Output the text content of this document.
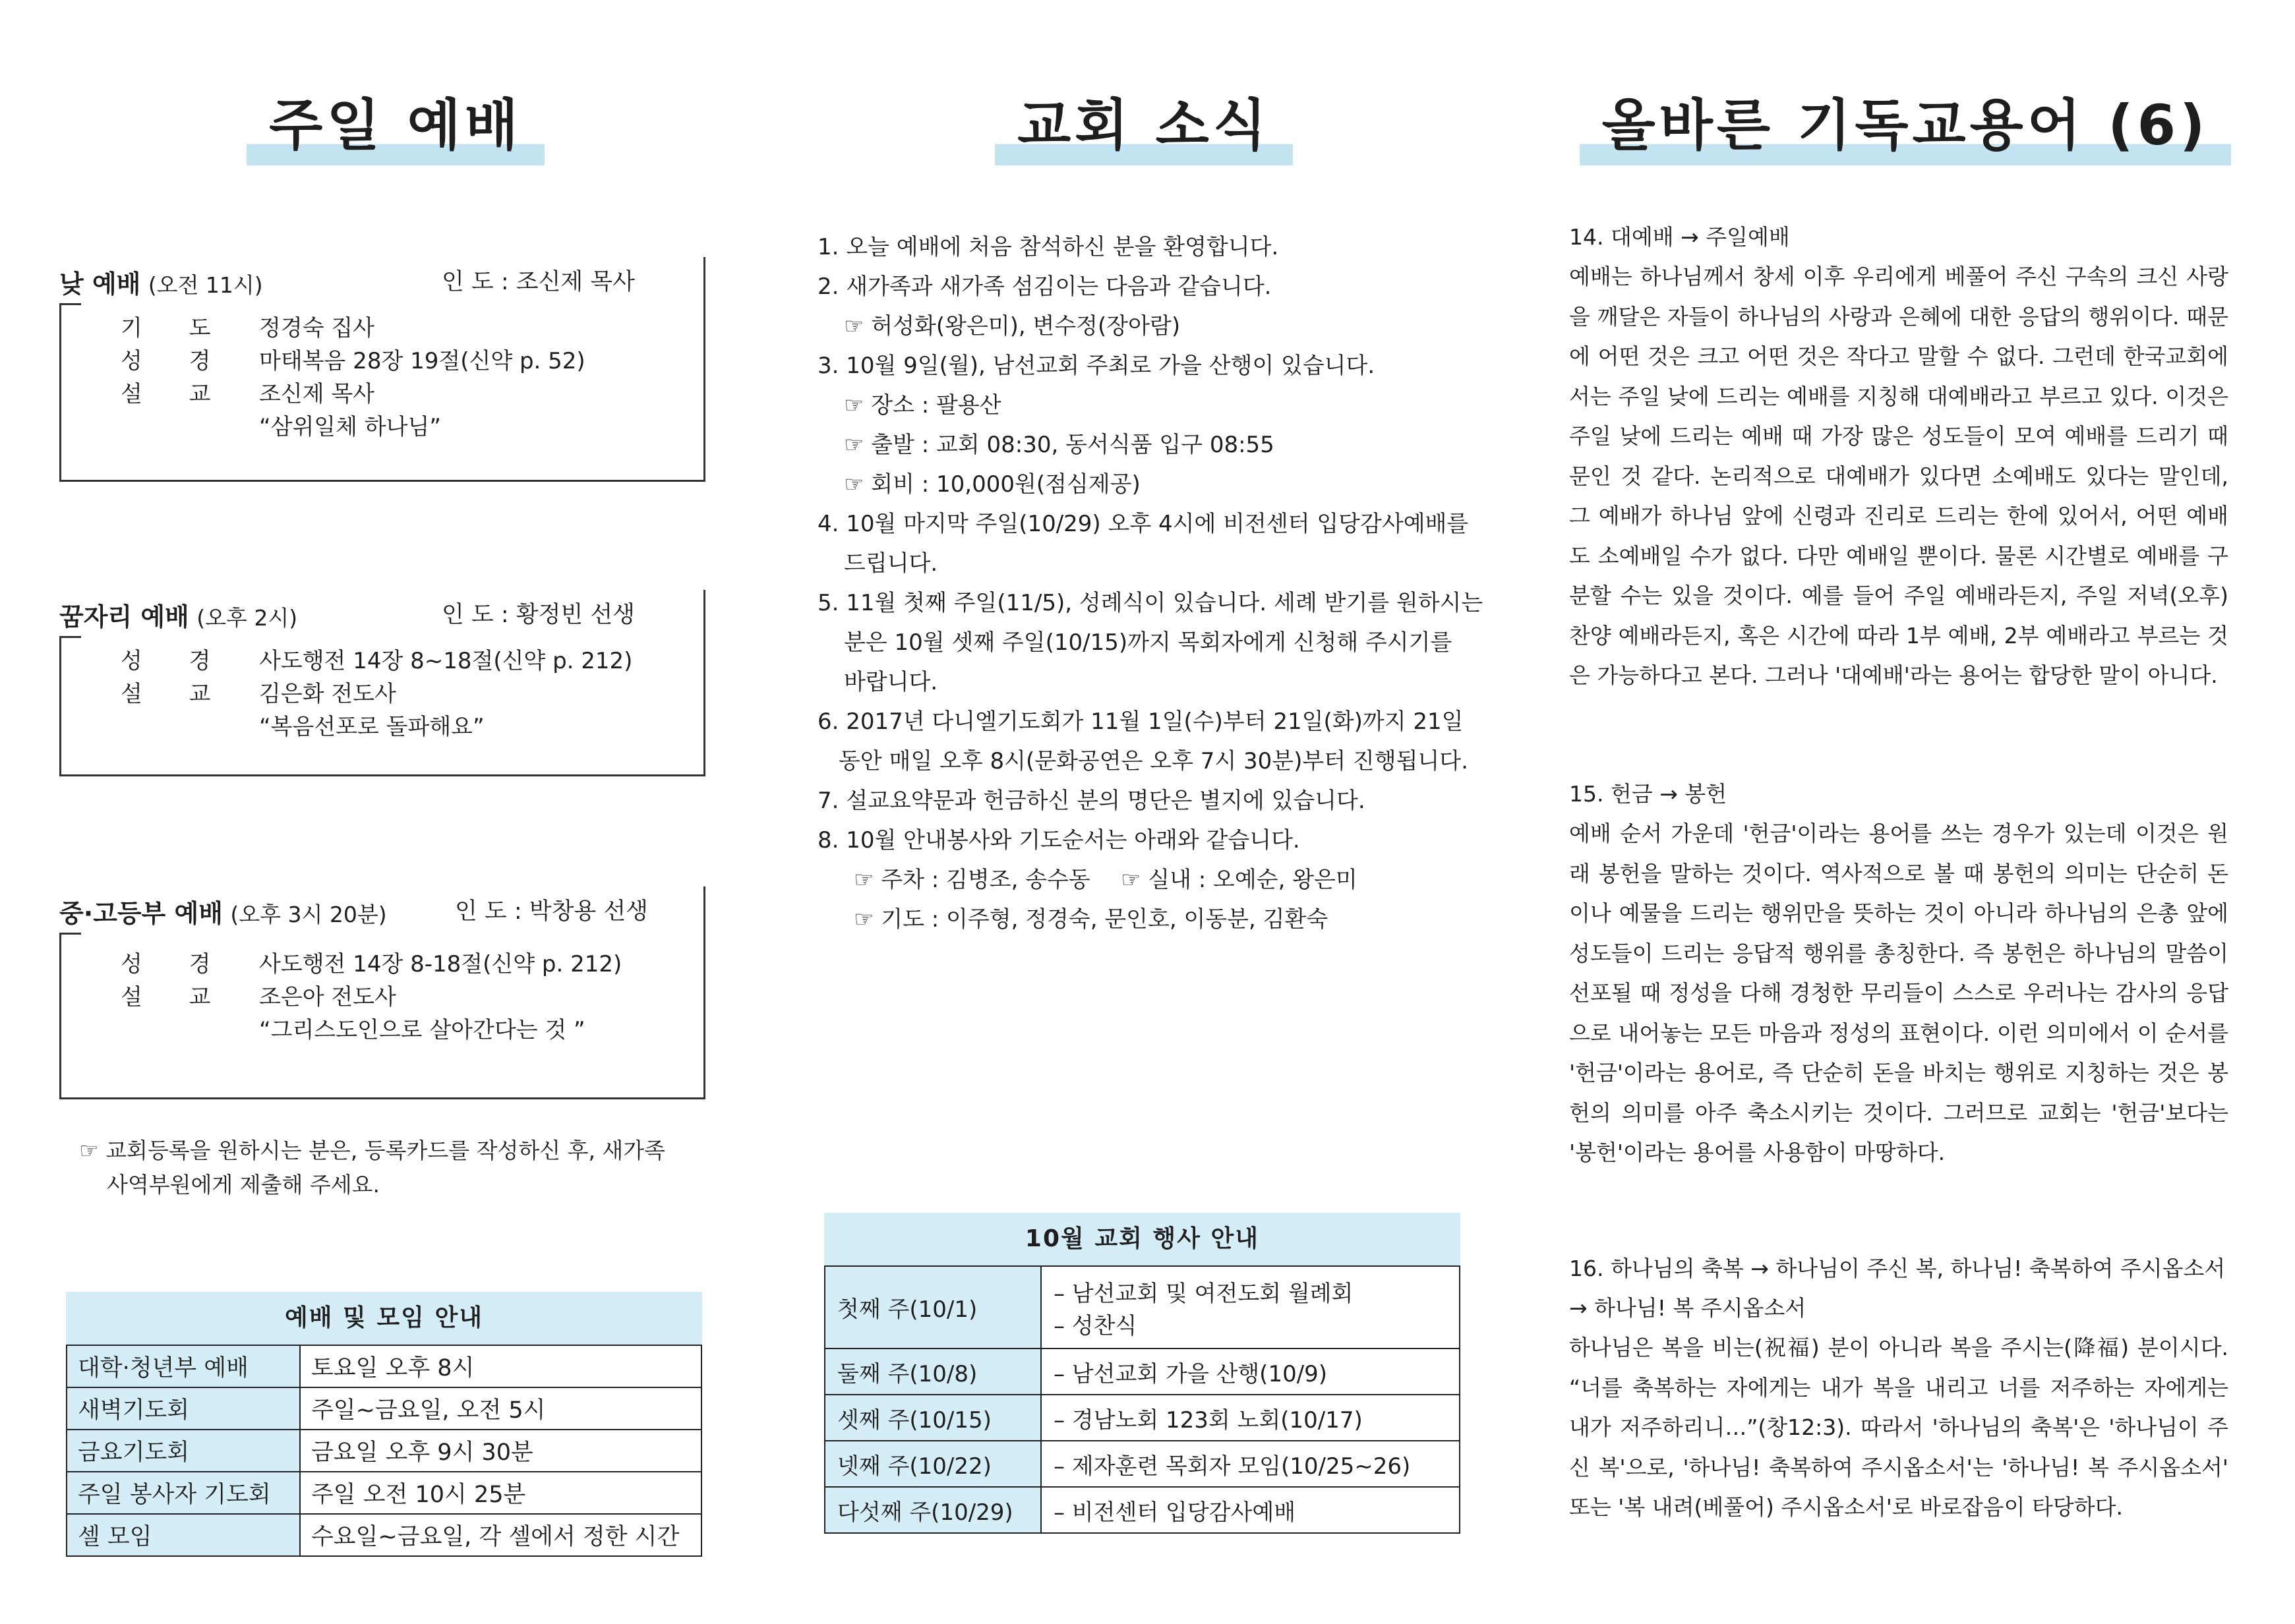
주일 예배
낮 예배 (오전 11시)	인 도 : 조신제 목사
기 도 정경숙 집사
성 경 마태복음 28장 19절(신약 p. 52)
설 교 조신제 목사
“삼위일체 하나님”
꿈자리 예배 (오후 2시)	인 도 : 황정빈 선생
성 경 사도행전 14장 8~18절(신약 p. 212)
설 교 김은화 전도사
“복음선포로 돌파해요”
중·고등부 예배 (오후 3시 20분)	인 도 : 박창용 선생
성 경 사도행전 14장 8-18절(신약 p. 212)
설 교 조은아 전도사
“그리스도인으로 살아간다는 것 ”
☞ 교회등록을 원하시는 분은, 등록카드를 작성하신 후, 새가족
사역부원에게 제출해 주세요.
예배 및 모임 안내
대학·청년부 예배	토요일 오후 8시
새벽기도회	주일~금요일, 오전 5시
금요기도회	금요일 오후 9시 30분
주일 봉사자 기도회	주일 오전 10시 25분
셀 모임	수요일~금요일, 각 셀에서 정한 시간
교회 소식
1. 오늘 예배에 처음 참석하신 분을 환영합니다.
2. 새가족과 새가족 섬김이는 다음과 같습니다.
☞ 허성화(왕은미), 변수정(장아람)
3. 10월 9일(월), 남선교회 주최로 가을 산행이 있습니다.
☞ 장소 : 팔용산
☞ 출발 : 교회 08:30, 동서식품 입구 08:55
☞ 회비 : 10,000원(점심제공)
4. 10월 마지막 주일(10/29) 오후 4시에 비전센터 입당감사예배를
드립니다.
5. 11월 첫째 주일(11/5), 성례식이 있습니다. 세례 받기를 원하시는
분은 10월 셋째 주일(10/15)까지 목회자에게 신청해 주시기를
바랍니다.
6. 2017년 다니엘기도회가 11월 1일(수)부터 21일(화)까지 21일
동안 매일 오후 8시(문화공연은 오후 7시 30분)부터 진행됩니다.
7. 설교요약문과 헌금하신 분의 명단은 별지에 있습니다.
8. 10월 안내봉사와 기도순서는 아래와 같습니다.
☞ 주차 : 김병조, 송수동 ☞ 실내 : 오예순, 왕은미
☞ 기도 : 이주형, 정경숙, 문인호, 이동분, 김환숙
10월 교회 행사 안내
첫째 주(10/1)	– 남선교회 및 여전도회 월례회
– 성찬식

둘째 주(10/8)	– 남선교회 가을 산행(10/9)
셋째 주(10/15)	– 경남노회 123회 노회(10/17)
넷째 주(10/22)	– 제자훈련 목회자 모임(10/25~26)
다섯째 주(10/29)	– 비전센터 입당감사예배
올바른 기독교용어 (6)
14. 대예배 → 주일예배

예배는 하나님께서 창세 이후 우리에게 베풀어 주신 구속의 크신 사랑을 깨달은 자들이 하나님의 사랑과 은혜에 대한 응답의 행위이다. 때문에 어떤 것은 크고 어떤 것은 작다고 말할 수 없다. 그런데 한국교회에서는 주일 낮에 드리는 예배를 지칭해 대예배라고 부르고 있다. 이것은 주일 낮에 드리는 예배 때 가장 많은 성도들이 모여 예배를 드리기 때문인 것 같다. 논리적으로 대예배가 있다면 소예배도 있다는 말인데, 그 예배가 하나님 앞에 신령과 진리로 드리는 한에 있어서, 어떤 예배도 소예배일 수가 없다. 다만 예배일 뿐이다. 물론 시간별로 예배를 구분할 수는 있을 것이다. 예를 들어 주일 예배라든지, 주일 저녁(오후) 찬양 예배라든지, 혹은 시간에 따라 1부 예배, 2부 예배라고 부르는 것은 가능하다고 본다. 그러나 '대예배'라는 용어는 합당한 말이 아니다.

15. 헌금 → 봉헌

예배 순서 가운데 '헌금'이라는 용어를 쓰는 경우가 있는데 이것은 원래 봉헌을 말하는 것이다. 역사적으로 볼 때 봉헌의 의미는 단순히 돈이나 예물을 드리는 행위만을 뜻하는 것이 아니라 하나님의 은총 앞에 성도들이 드리는 응답적 행위를 총칭한다. 즉 봉헌은 하나님의 말씀이 선포될 때 정성을 다해 경청한 무리들이 스스로 우러나는 감사의 응답으로 내어놓는 모든 마음과 정성의 표현이다. 이런 의미에서 이 순서를 '헌금'이라는 용어로, 즉 단순히 돈을 바치는 행위로 지칭하는 것은 봉헌의 의미를 아주 축소시키는 것이다. 그러므로 교회는 '헌금'보다는 '봉헌'이라는 용어를 사용함이 마땅하다.

16. 하나님의 축복 → 하나님이 주신 복, 하나님! 축복하여 주시옵소서 → 하나님! 복 주시옵소서

하나님은 복을 비는(祝福) 분이 아니라 복을 주시는(降福) 분이시다. “너를 축복하는 자에게는 내가 복을 내리고 너를 저주하는 자에게는 내가 저주하리니…”(창12:3). 따라서 '하나님의 축복'은 '하나님이 주신 복'으로, '하나님! 축복하여 주시옵소서'는 '하나님! 복 주시옵소서' 또는 '복 내려(베풀어) 주시옵소서'로 바로잡음이 타당하다.
